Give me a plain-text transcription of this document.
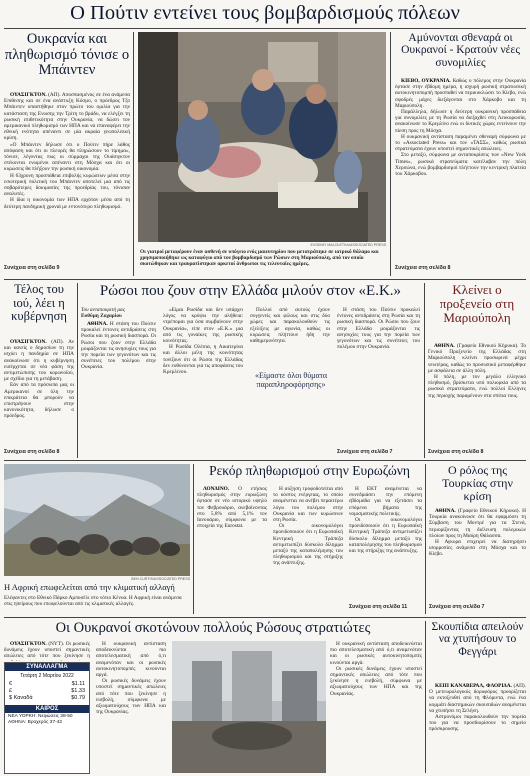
Ο Πούτιν εντείνει τους βομβαρδισμούς πόλεων
Ουκρανία και πληθωρισμό τόνισε ο Μπάιντεν

ΟΥΑΣΙΓΚΤΟΝ. (ΑΠ). Αποσπασμένος σε ένα ανάμεσα Επιθεσης και σε ένα ανάπτυξη Κόσμο, ο πρόεδρος Τζο Μπάιντεν υπαστήθηκε στον πρώτο του ομιλία για την κατάσταση της Ενωσης την Τρίτη το βράδυ, να ελέγξει τη ρωσική επιθετικότητα στην Ουκρανία, να δώσει τον αμερικανικό πληθωρισμό των ΗΠΑ και να επαναφέρει την εθνική ενότητα απέναντι σε μία ακραία γεωπολιτική κρίση.

«Ο Μπάιντεν δήλωσε ότι ο Πούτιν πήρε λάθος απόφαση και ότι οι πλευρές θα πληρώσουν το τίμημα», τόνισε, λέγοντας πως οι σύμμαχοι της Ουάσιγκτον στέκονται ενωμένοι απέναντι στη Μόσχα και ότι οι κυρώσεις θα πλήξουν την ρωσική οικονομία.

Η 63χρονη προσπάθεια επιβολής κυρώσεων μέσα στην εσωτερική πολιτική του Μπάιντεν αποτελεί μια από τις σοβαρότερες δοκιμασίες της προεδρίας του, τόνισαν αναλυτές.

Η ίδια η οικονομία των ΗΠΑ ερχόταν μέσα από τη δεύτερη πανδημική χρονιά με εντονότερο πληθωρισμό.

Συνέχεια στη σελίδα 9
EVGENIY MALOLETKA/ASSOCIATED PRESS
Οι γιατροί μεταφέρουν έναν ασθενή σε υπόγειο ενός μαιευτηρίου που μετατράπηκε σε ιατρικό θάλαμο και χρησιμοποιήθηκε ως καταφύγιο από τον βομβαρδισμό των Ρώσων στη Μαριούπολη, από τον οποίο σκοτώθηκαν και τραυματίστηκαν αρκετοί άνθρωποι τις τελευταίες ημέρες.
Αμύνονται σθεναρά οι Ουκρανοί - Κρατούν νέες συνομιλίες

ΚΙΕΒΟ, ΟΥΚΡΑΝΙΑ. Καθώς ο πόλεμος στην Ουκρανία έφτασε στην έβδομη ημέρα, η ισχυρή ρωσική στρατιωτική αυτοκινητοπομπή προσπαθεί να περικυκλώσει το Κίεβο, ενώ σφοδρές μάχες διεξάγονται στο Χάρκοβο και τη Μαριούπολη.

Παράλληλα, δήλωσε η δεύτερη ουκρανική προσπάθεια για συνομιλίες με τη Ρωσία να διεξαχθεί στη Λευκορωσία, ανακοίνωσε το Κρεμλίνο ενώ οι δυτικές χώρες εντείνουν την πίεση προς τη Μόσχα.

Η ουκρανική αντίσταση παραμένει σθεναρή σύμφωνα με το «Associated Press» και τον «ΤΑΣΣ», καθώς ρωσικά στρατεύματα έχουν υποστεί σημαντικές απώλειες.

Στο μεταξύ, σύμφωνα με ανταποκρίσεις των «New York Times», ρωσικά στρατεύματα κατέλαβαν την πόλη Χερσώνα, ενώ βομβαρδισμοί πλήττουν την κεντρική πλατεία του Χάρκοβου.

Συνέχεια στη σελίδα 8
Τέλος του ιού, λέει η κυβέρνηση

ΟΥΑΣΙΓΚΤΟΝ. (ΑΠ). Αν και κανείς ο δημοσίων τη την ισχύει η πανδημία σε ΗΠΑ ανακοίνωσε ότι η κυβέρνηση εισέρχεται σε νέα φάση της αντιμετώπισης του κορωνοϊού, με σχέδιο για τη μετάβαση.

Εάν από τα πρόσωπα μας οι Αμερικανοί σε όλη την επικράτεια θα μπορούν να επιστρέψουν στην κανονικότητα, δήλωσε ο πρόεδρος.

Συνέχεια στη σελίδα 8
Ρώσοι που ζουν στην Ελλάδα μιλούν στον «Ε.Κ.»
Του ανταποκριτή μας
Ευθύμη Ζαχαρίου

ΑΘΗΝΑ. Η στάση του Πούτιν προκαλεί έντονες αντιδράσεις στη Ρωσία και τη ρωσική διασπορά. Οι Ρώσοι που ζουν στην Ελλάδα μοιράζονται τις ανησυχίες τους για την πορεία των γεγονότων και τις συνέπειες του πολέμου στην Ουκρανία.

«Είμαι Ρωσίδα και δεν υπάρχει λόγος να κρύψω την αλήθεια: ντρέπομαι για όσα συμβαίνουν στην Ουκρανία», είπε στον «Ε.Κ.» μια από τις γυναίκες της ρωσικής κοινότητας.

Η Ρωσίδα Ολέσια, η Αικατερίνα και άλλοι μέλη της κοινότητας τονίζουν ότι οι Ρώσοι της Ελλάδας δεν ευθύνονται για τις αποφάσεις του Κρεμλίνου.

Πολλοί από αυτούς έχουν συγγενείς και φίλους και στις δύο χώρες και παρακολουθούν τις εξελίξεις με αγωνία, καθώς οι κυρώσεις πλήττουν ήδη την καθημερινότητα.

«Είμαστε όλοι θύματα παραπληροφόρησης»

Η στάση του Πούτιν προκαλεί έντονες αντιδράσεις στη Ρωσία και τη ρωσική διασπορά. Οι Ρώσοι που ζουν στην Ελλάδα μοιράζονται τις ανησυχίες τους για την πορεία των γεγονότων και τις συνέπειες του πολέμου στην Ουκρανία.

Συνέχεια στη σελίδα 7
Κλείνει ο προξενείο στη Μαριούπολη

ΑΘΗΝΑ. (Γραφείο Εθνικού Κήρυκα). Το Γενικό Προξενείο της Ελλάδας στη Μαριούπολη κλείνει προσωρινά μέχρι νεωτέρας, καθώς το προσωπικό μεταφέρθηκε με ασφάλεια σε άλλη πόλη.

Η πόλη, με τον μεγάλο ελληνικό πληθυσμό, βρίσκεται υπό πολιορκία από τα ρωσικά στρατεύματα, ενώ πολλοί Ελληνες της περιοχής παραμένουν στα σπίτια τους.

Συνέχεια στη σελίδα 8
BEN CURTIS/ASSOCIATED PRESS
Η Αφρική επωφελείται από την κλιματική αλλαγή
Ελέφαντες στο Εθνικό Πάρκο Αμποσέλι στο νότιο Κένυα. Η Αφρική είναι ανάμεσα στις ηπείρους που επωφελούνται από τις κλιματικές αλλαγές.
Ρεκόρ πληθωρισμού στην Ευρωζώνη

ΛΟΝΔΙΝΟ. Ο ετήσιος πληθωρισμός στην ευρωζώνη έφτασε σε νέο ιστορικό υψηλό τον Φεβρουάριο, ανεβαίνοντας στο 5,8% από 5,1% τον Ιανουάριο, σύμφωνα με τα στοιχεία της Eurostat.

Η αύξηση τροφοδοτείται από το κόστος ενέργειας, το οποίο αναμένεται να ανέβει περαιτέρω λόγω του πολέμου στην Ουκρανία και των κυρώσεων στη Ρωσία.

Οι οικονομολόγοι προειδοποιούν ότι η Ευρωπαϊκή Κεντρική Τράπεζα αντιμετωπίζει δύσκολο δίλημμα μεταξύ της καταπολέμησης του πληθωρισμού και της στήριξης της ανάπτυξης.

Η ΕΚΤ αναμένεται να συνεδριάσει την επόμενη εβδομάδα για να εξετάσει τα επόμενα βήματα της νομισματικής πολιτικής.

Οι οικονομολόγοι προειδοποιούν ότι η Ευρωπαϊκή Κεντρική Τράπεζα αντιμετωπίζει δύσκολο δίλημμα μεταξύ της καταπολέμησης του πληθωρισμού και της στήριξης της ανάπτυξης.

Συνέχεια στη σελίδα 11
Ο ρόλος της Τουρκίας στην κρίση

ΑΘΗΝΑ. (Γραφείο Εθνικού Κήρυκα). Η Τουρκία ανακοίνωσε ότι θα εφαρμόσει τη Σύμβαση του Μοντρέ για τα Στενά, περιορίζοντας τη διέλευση πολεμικών πλοίων προς τη Μαύρη Θάλασσα.

Η Αγκυρα επιχειρεί να διατηρήσει ισορροπίες ανάμεσα στη Μόσχα και το Κίεβο.

Συνέχεια στη σελίδα 7
Οι Ουκρανοί σκοτώνουν πολλούς Ρώσους στρατιώτες

ΟΥΑΣΙΓΚΤΟΝ. (ΝΥΤ). Οι ρωσικές δυνάμεις έχουν υποστεί σημαντικές απώλειες από τότε που ξεκίνησε η

Η ουκρανική αντίσταση αποδεικνύεται πιο αποτελεσματική από ό,τι αναμενόταν και οι ρωσικές αυτοκινητοπομπές κινούνται αργά.

Οι ρωσικές δυνάμεις έχουν υποστεί σημαντικές απώλειες από τότε που ξεκίνησε η εισβολή, σύμφωνα με αξιωματούχους των ΗΠΑ και της Ουκρανίας.

Η ουκρανική αντίσταση αποδεικνύεται πιο αποτελεσματική από ό,τι αναμενόταν και οι ρωσικές αυτοκινητοπομπές κινούνται αργά.

Οι ρωσικές δυνάμεις έχουν υποστεί σημαντικές απώλειες από τότε που ξεκίνησε η εισβολή, σύμφωνα με αξιωματούχους των ΗΠΑ και της Ουκρανίας.

ΣΥΝΑΛΛΑΓΜΑ
Τετάρτη 2 Μαρτίου 2022
€	$1.11
£	$1.33
$ Καναδά	$0.79
ΚΑΙΡΟΣ
ΝΕΑ ΥΟΡΚΗ: Νεφώσεις 38-50
ΑΘΗΝΑ: Βροχερός 37-42
Σκουπίδια απειλούν να χτυπήσουν το Φεγγάρι

ΚΕΪΠ ΚΑΝΑΒΕΡΑΛ, ΦΛΟΡΙΔΑ. (ΑΠ). Ο μετεωρολογικός δορυφόρος προορίζεται να εκτοξευθεί από τη Φλόριντα, ενώ ένα κομμάτι διαστημικών σκουπιδιών αναμένεται να χτυπήσει τη Σελήνη.

Αστρονόμοι παρακολουθούν την πορεία του για να προσδιορίσουν το σημείο πρόσκρουσης.
